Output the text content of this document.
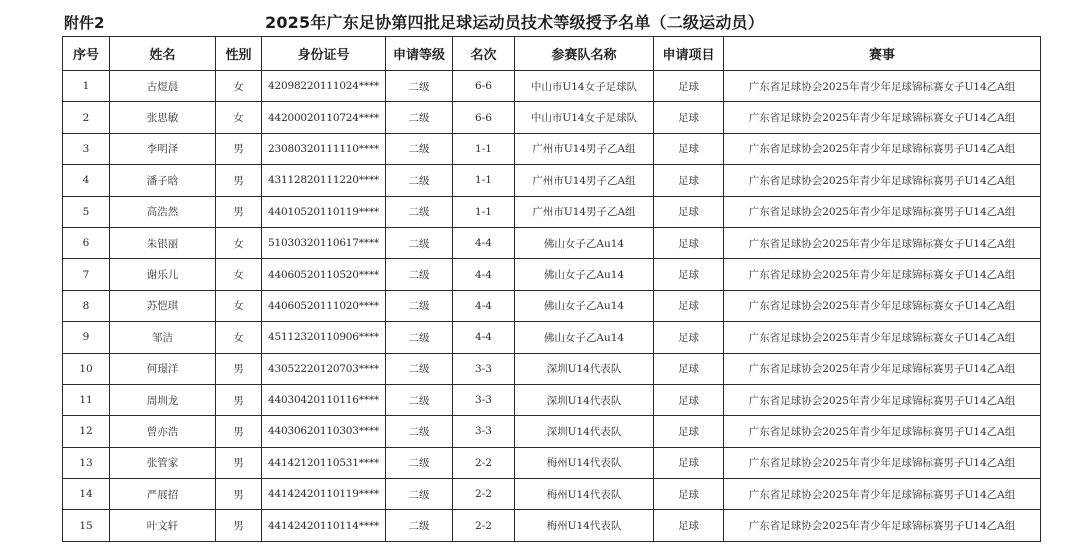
附件2	2025年广东足协第四批足球运动员技术等级授予名单（二级运动员）
序号	姓名	性别	身份证号	申请等级	名次	参赛队名称	申请项目	赛事
1	古煜晨	女	42098220111024****	二级	6-6	中山市U14女子足球队	足球	广东省足球协会2025年青少年足球锦标赛女子U14乙A组
2	张思敏	女	44200020110724****	二级	6-6	中山市U14女子足球队	足球	广东省足球协会2025年青少年足球锦标赛女子U14乙A组
3	李明泽	男	23080320111110****	二级	1-1	广州市U14男子乙A组	足球	广东省足球协会2025年青少年足球锦标赛男子U14乙A组
4	潘子晗	男	43112820111220****	二级	1-1	广州市U14男子乙A组	足球	广东省足球协会2025年青少年足球锦标赛男子U14乙A组
5	高浩然	男	44010520110119****	二级	1-1	广州市U14男子乙A组	足球	广东省足球协会2025年青少年足球锦标赛男子U14乙A组
6	朱银丽	女	51030320110617****	二级	4-4	佛山女子乙Au14	足球	广东省足球协会2025年青少年足球锦标赛女子U14乙A组
7	谢乐儿	女	44060520110520****	二级	4-4	佛山女子乙Au14	足球	广东省足球协会2025年青少年足球锦标赛女子U14乙A组
8	苏恺琪	女	44060520111020****	二级	4-4	佛山女子乙Au14	足球	广东省足球协会2025年青少年足球锦标赛女子U14乙A组
9	邹洁	女	45112320110906****	二级	4-4	佛山女子乙Au14	足球	广东省足球协会2025年青少年足球锦标赛女子U14乙A组
10	何璟洋	男	43052220120703****	二级	3-3	深圳U14代表队	足球	广东省足球协会2025年青少年足球锦标赛男子U14乙A组
11	周圳龙	男	44030420110116****	二级	3-3	深圳U14代表队	足球	广东省足球协会2025年青少年足球锦标赛男子U14乙A组
12	曾亦浩	男	44030620110303****	二级	3-3	深圳U14代表队	足球	广东省足球协会2025年青少年足球锦标赛男子U14乙A组
13	张管家	男	44142120110531****	二级	2-2	梅州U14代表队	足球	广东省足球协会2025年青少年足球锦标赛男子U14乙A组
14	严展招	男	44142420110119****	二级	2-2	梅州U14代表队	足球	广东省足球协会2025年青少年足球锦标赛男子U14乙A组
15	叶文轩	男	44142420110114****	二级	2-2	梅州U14代表队	足球	广东省足球协会2025年青少年足球锦标赛男子U14乙A组
